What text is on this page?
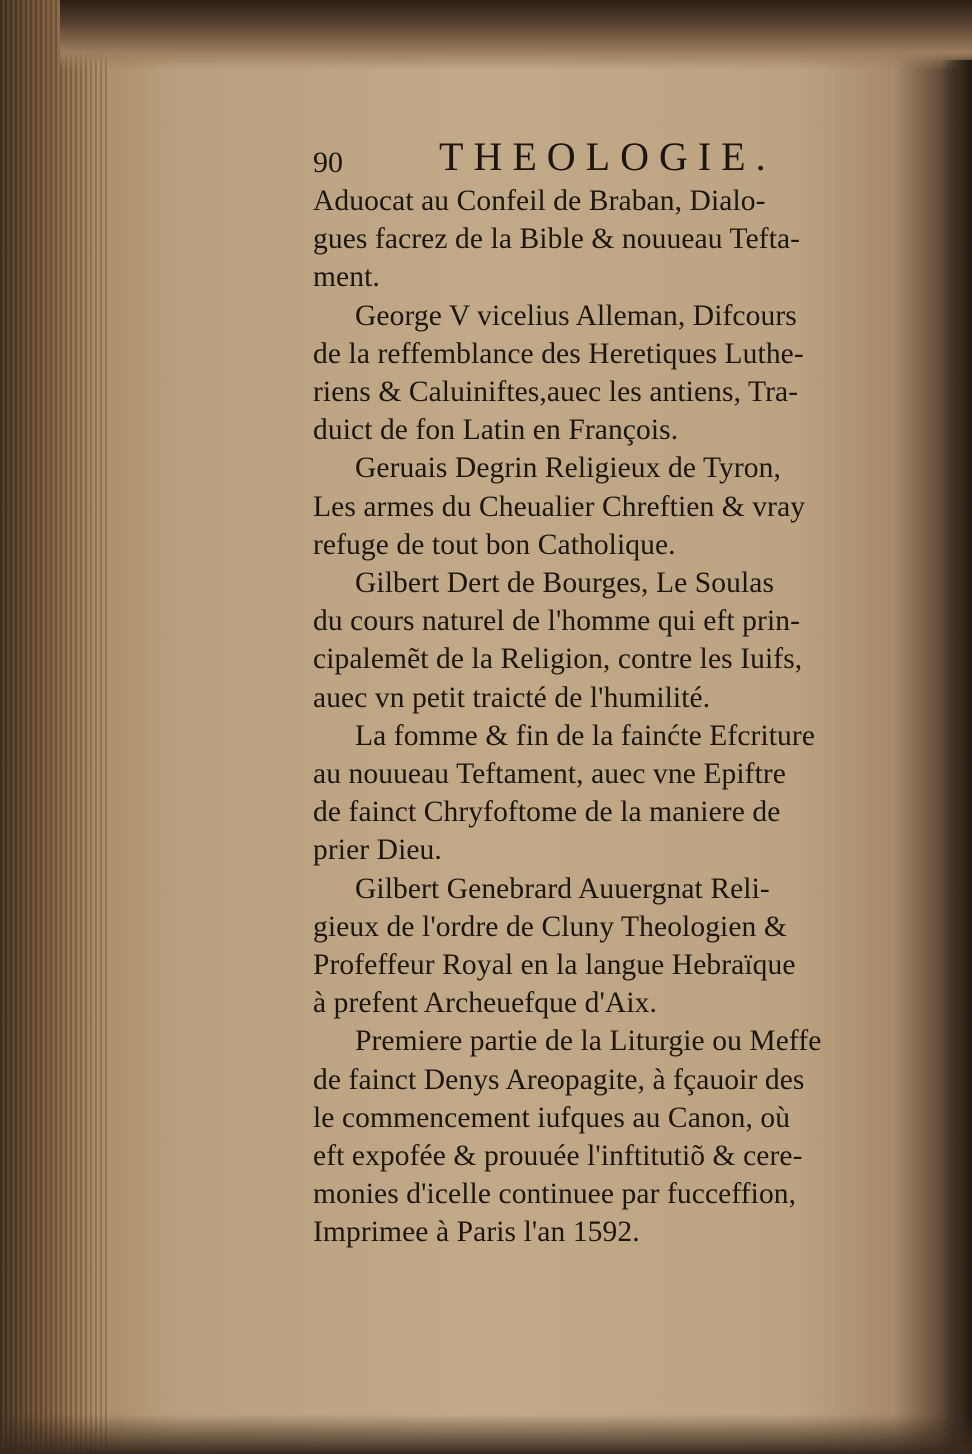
90 THEOLOGIE.
Aduocat au Confeil de Braban, Dialo-
gues facrez de la Bible & nouueau Tefta-
ment.
George V vicelius Alleman, Difcours
de la reffemblance des Heretiques Luthe-
riens & Caluiniftes,auec les antiens, Tra-
duict de fon Latin en François.
Geruais Degrin Religieux de Tyron,
Les armes du Cheualier Chreftien & vray
refuge de tout bon Catholique.
Gilbert Dert de Bourges, Le Soulas
du cours naturel de l'homme qui eft prin-
cipalemẽt de la Religion, contre les Iuifs,
auec vn petit traicté de l'humilité.
La fomme & fin de la fainćte Efcriture
au nouueau Teftament, auec vne Epiftre
de fainct Chryfoftome de la maniere de
prier Dieu.
Gilbert Genebrard Auuergnat Reli-
gieux de l'ordre de Cluny Theologien &
Profeffeur Royal en la langue Hebraïque
à prefent Archeuefque d'Aix.
Premiere partie de la Liturgie ou Meffe
de fainct Denys Areopagite, à fçauoir des
le commencement iufques au Canon, où
eft expofée & prouuée l'inftitutiõ & cere-
monies d'icelle continuee par fucceffion,
Imprimee à Paris l'an 1592.
